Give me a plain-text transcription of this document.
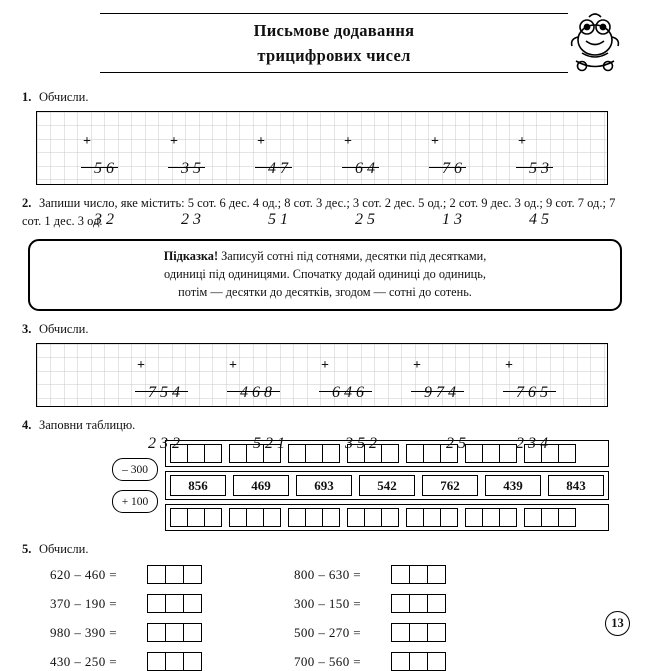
Письмове додавання
трицифрових чисел
1. Обчисли.
+

56

32

+

35

23

+

47

51

+

64

25

+

76

13

+

53

45

2. Запиши число, яке містить: 5 сот. 6 дес. 4 од.; 8 сот. 3 дес.; 3 сот. 2 дес. 5 од.; 2 сот. 9 дес. 3 од.; 9 сот. 7 од.; 7 сот. 1 дес. 3 од.
Підказка! Записуй сотні під сотнями, десятки під десятками,
одиниці під одиницями. Спочатку додай одиниці до одиниць,
потім — десятки до десятків, згодом — сотні до сотень.
3. Обчисли.
+

754

232

+

468

521

+

646

352

+

974

25

+

765

234

4. Заповни таблицю.
– 300
+ 100
856	469	693	542	762	439	843
5. Обчисли.
620 – 460 =
370 – 190 =
980 – 390 =
430 – 250 =
800 – 630 =
300 – 150 =
500 – 270 =
700 – 560 =
13
